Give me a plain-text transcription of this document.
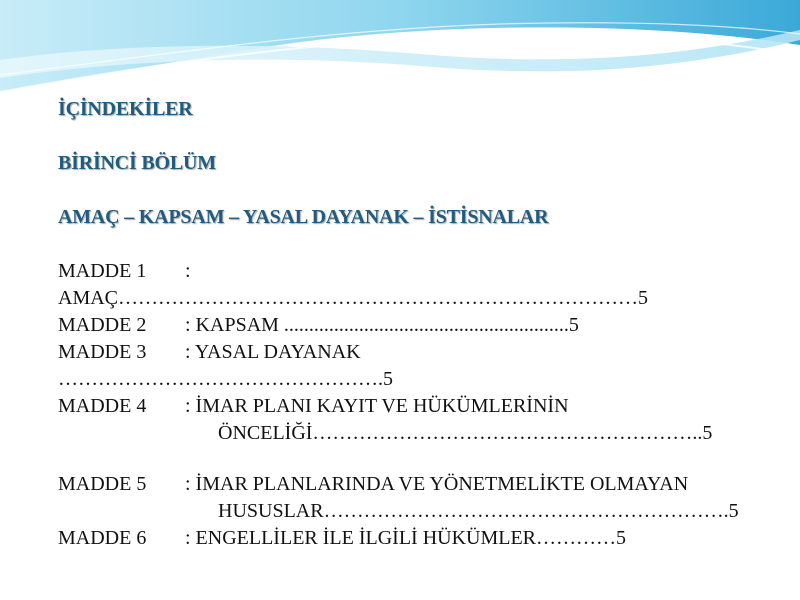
İÇİNDEKİLER
BİRİNCİ BÖLÜM
AMAÇ – KAPSAM – YASAL DAYANAK – İSTİSNALAR

MADDE 1 :

AMAÇ……………………………………………………………………5

MADDE 2 : KAPSAM .........................................................5

MADDE 3 : YASAL DAYANAK

………………………………………….5

MADDE 4 : İMAR PLANI KAYIT VE HÜKÜMLERİNİN

ÖNCELİĞİ…………………………………………………..5

MADDE 5 : İMAR PLANLARINDA VE YÖNETMELİKTE OLMAYAN

HUSUSLAR…………………………………………………….5

MADDE 6 : ENGELLİLER İLE İLGİLİ HÜKÜMLER…………5
